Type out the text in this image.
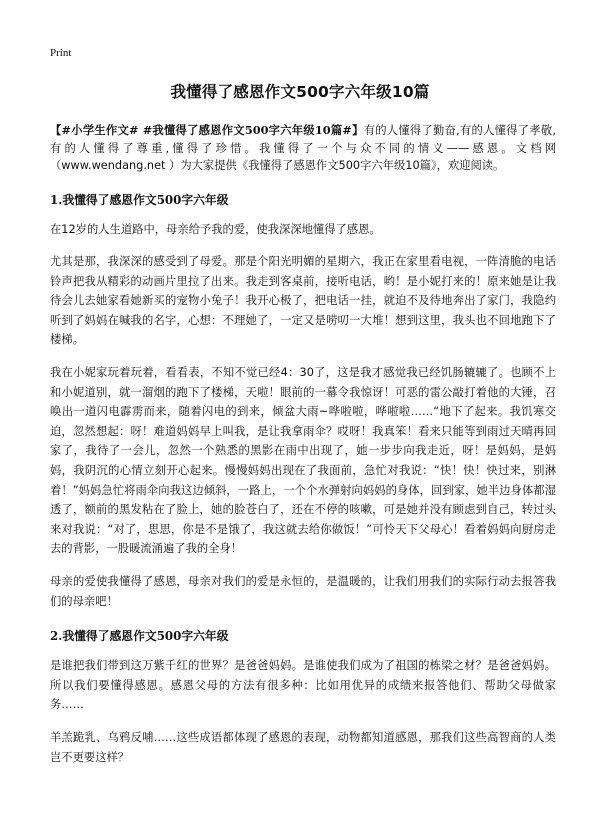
Print
我懂得了感恩作文500字六年级10篇

【#小学生作文# #我懂得了感恩作文500字六年级10篇#】有的人懂得了勤奋,有的人懂得了孝敬,有的人懂得了尊重,懂得了珍惜。我懂得了一个与众不同的情义——感恩。文档网（www.wendang.net ）为大家提供《我懂得了感恩作文500字六年级10篇》，欢迎阅读。

1.我懂得了感恩作文500字六年级

在12岁的人生道路中，母亲给予我的爱，使我深深地懂得了感恩。

尤其是那，我深深的感受到了母爱。那是个阳光明媚的星期六，我正在家里看电视，一阵清脆的电话铃声把我从精彩的动画片里拉了出来。我走到客桌前，接听电话，哟！是小妮打来的！原来她是让我待会儿去她家看她新买的宠物小兔子！我开心极了，把电话一挂，就迫不及待地奔出了家门，我隐约听到了妈妈在喊我的名字，心想：不理她了，一定又是唠叨一大堆！想到这里，我头也不回地跑下了楼梯。

我在小妮家玩着玩着，看看表，不知不觉已经4：30了，这是我才感觉我已经饥肠辘辘了。也顾不上和小妮道别，就一溜烟的跑下了楼梯，天啦！眼前的一幕令我惊讶！可恶的雷公敲打着他的大锤，召唤出一道闪电霹雳而来，随着闪电的到来，倾盆大雨~哗啦啦，哗啦啦……“地下了起来。我饥寒交迫，忽然想起：呀！难道妈妈早上叫我，是让我拿雨伞？哎呀！我真笨！看来只能等到雨过天晴再回家了，我待了一会儿，忽然一个熟悉的黑影在雨中出现了，她一步步向我走近，呀！是妈妈，是妈妈，我阴沉的心情立刻开心起来。慢慢妈妈出现在了我面前，急忙对我说：“快！快！快过来，别淋着！”妈妈急忙将雨伞向我这边倾斜，一路上，一个个水弹射向妈妈的身体，回到家，她半边身体都湿透了，额前的黑发粘在了脸上，她的脸苍白了，还在不停的咳嗽，可是她并没有顾虑到自己，转过头来对我说：“对了，思思，你是不是饿了，我这就去给你做饭！”可怜天下父母心！看着妈妈向厨房走去的背影，一股暖流涌遍了我的全身！

母亲的爱使我懂得了感恩，母亲对我们的爱是永恒的，是温暖的，让我们用我们的实际行动去报答我们的母亲吧！

2.我懂得了感恩作文500字六年级

是谁把我们带到这万紫千红的世界？是爸爸妈妈。是谁使我们成为了祖国的栋梁之材？是爸爸妈妈。所以我们要懂得感恩。感恩父母的方法有很多种：比如用优异的成绩来报答他们、帮助父母做家务……

羊羔跪乳、乌鸦反哺……这些成语都体现了感恩的表现，动物都知道感恩，那我们这些高智商的人类岂不更要这样？
